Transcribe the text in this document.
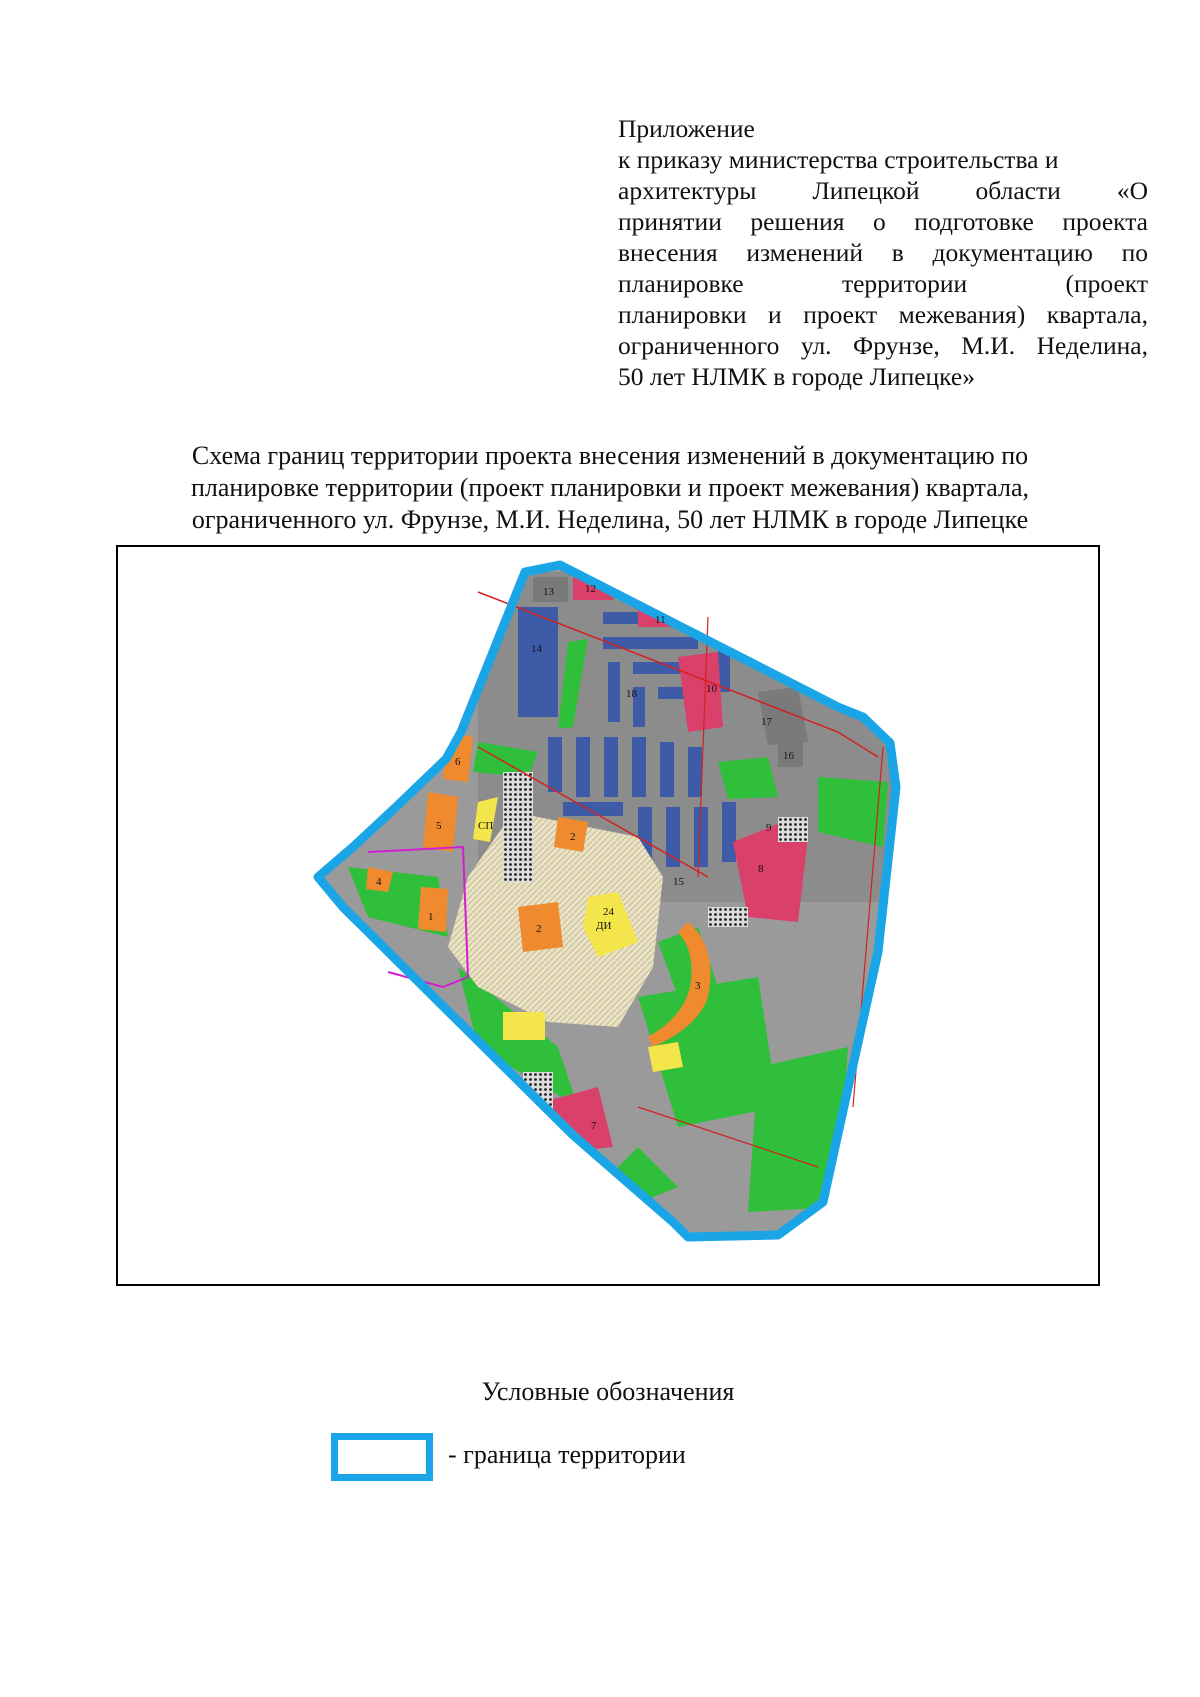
Приложение
к приказу министерства строительства и
архитектуры Липецкой области «О
принятии решения о подготовке проекта
внесения изменений в документацию по
планировке территории (проект
планировки и проект межевания) квартала,
ограниченного ул. Фрунзе, М.И. Неделина,
50 лет НЛМК в городе Липецке»
Схема границ территории проекта внесения изменений в документацию по
планировке территории (проект планировки и проект межевания) квартала,
ограниченного ул. Фрунзе, М.И. Неделина, 50 лет НЛМК в городе Липецке
1
2
2
3
4
5
6
7
8
9
10
11
12
13
14
15
16
17
18
ДИ
СП
24
Условные обозначения
- граница территории
